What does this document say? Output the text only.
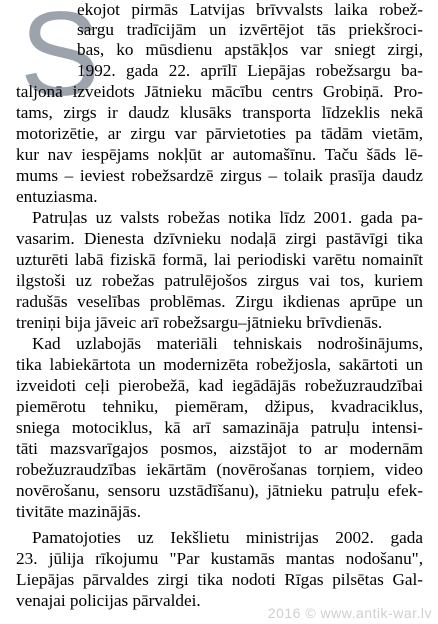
S

ekojot pirmās Latvijas brīvvalsts laika robež-

sargu tradīcijām un izvērtējot tās priekšroci-

bas, ko mūsdienu apstākļos var sniegt zirgi,

1992. gada 22. aprīlī Liepājas robežsargu ba-

taljonā izveidots Jātnieku mācību centrs Grobiņā. Pro-

tams, zirgs ir daudz klusāks transporta līdzeklis nekā

motorizētie, ar zirgu var pārvietoties pa tādām vietām,

kur nav iespējams nokļūt ar automašīnu. Taču šāds lē-

mums – ieviest robežsardzē zirgus – tolaik prasīja daudz

entuziasma.

Patruļas uz valsts robežas notika līdz 2001. gada pa-

vasarim. Dienesta dzīvnieku nodaļā zirgi pastāvīgi tika

uzturēti labā fiziskā formā, lai periodiski varētu nomainīt

ilgstoši uz robežas patrulējošos zirgus vai tos, kuriem

radušās veselības problēmas. Zirgu ikdienas aprūpe un

treniņi bija jāveic arī robežsargu–jātnieku brīvdienās.

Kad uzlabojās materiāli tehniskais nodrošinājums,

tika labiekārtota un modernizēta robežjosla, sakārtoti un

izveidoti ceļi pierobežā, kad iegādājās robežuzraudzībai

piemērotu tehniku, piemēram, džipus, kvadraciklus,

sniega motociklus, kā arī samazināja patruļu intensi-

tāti mazsvarīgajos posmos, aizstājot to ar modernām

robežuzraudzības iekārtām (novērošanas torņiem, video

novērošanu, sensoru uzstādīšanu), jātnieku patruļu efek-

tivitāte mazinājās.

Pamatojoties uz Iekšlietu ministrijas 2002. gada

23. jūlija rīkojumu "Par kustamās mantas nodošanu",

Liepājas pārvaldes zirgi tika nodoti Rīgas pilsētas Gal-

venajai policijas pārvaldei.

2016 © www.antik-war.lv
